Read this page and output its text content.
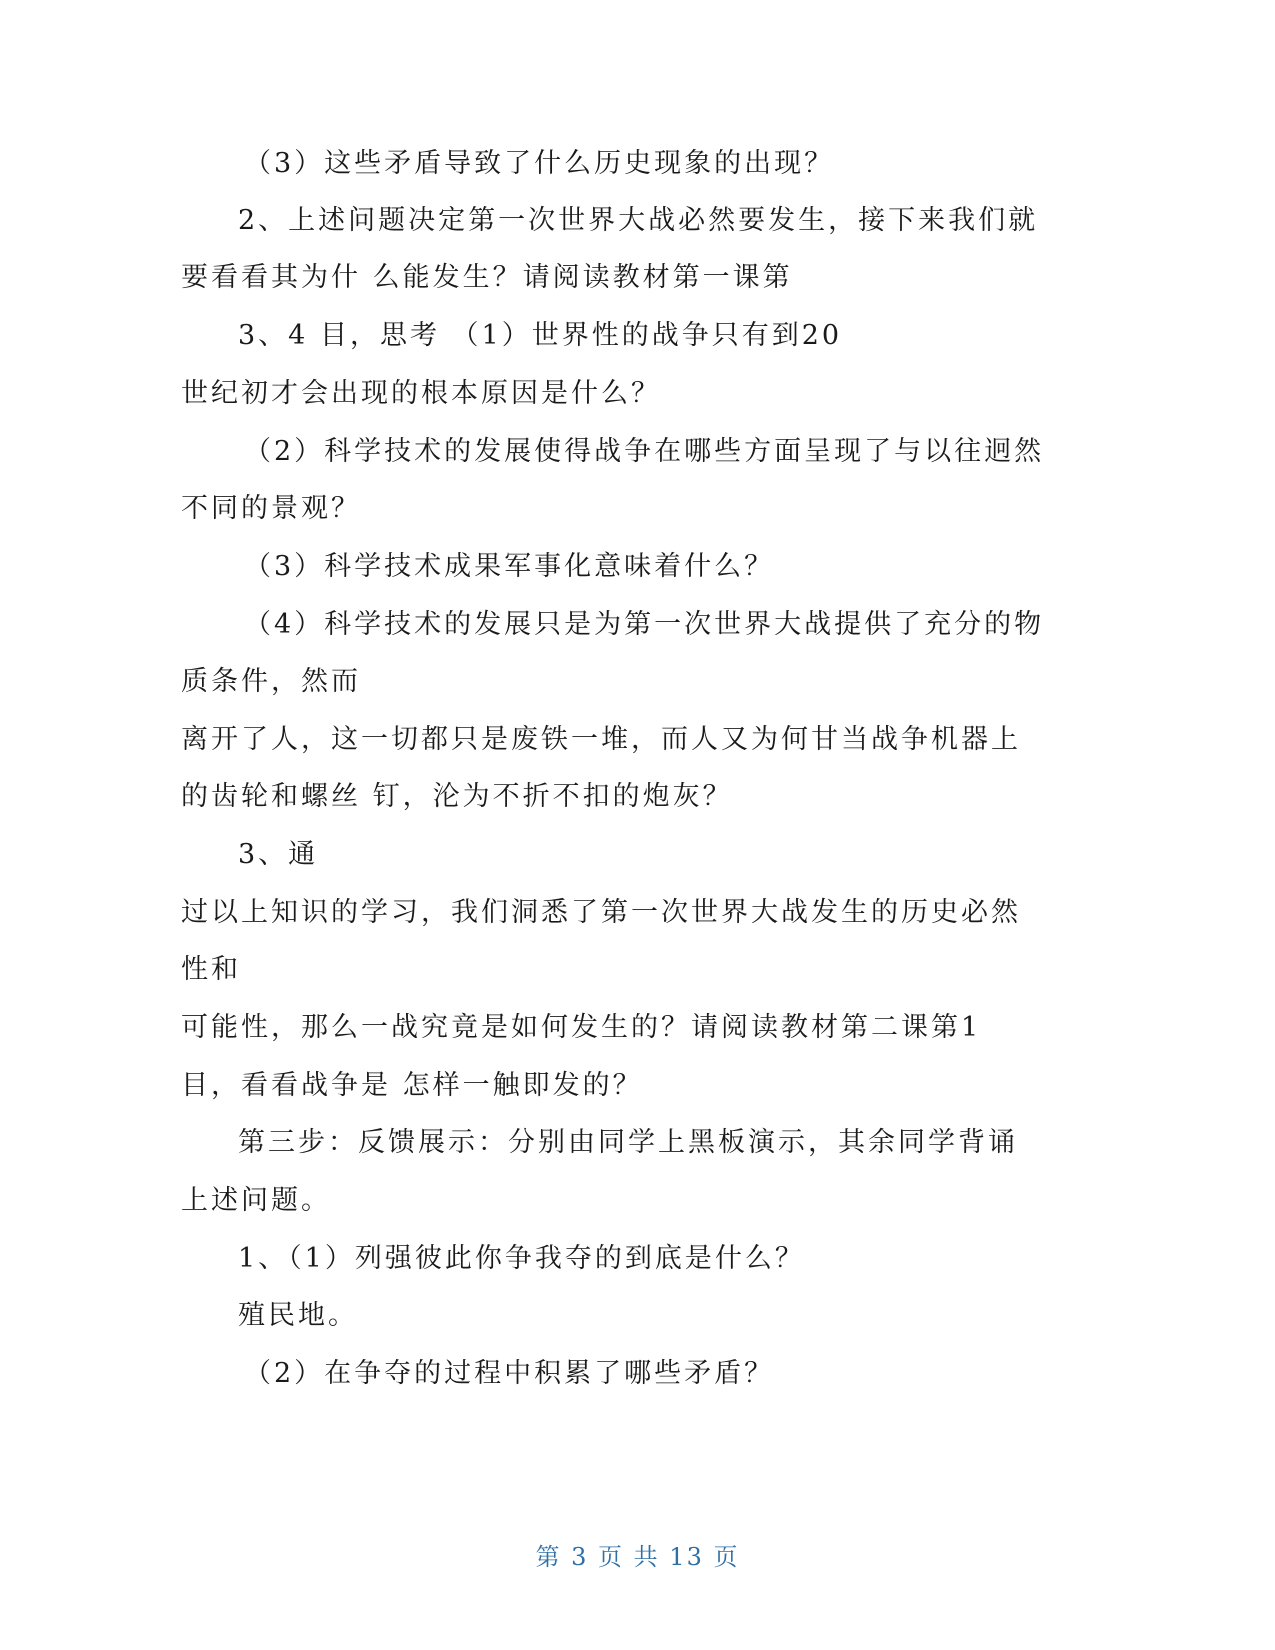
（3）这些矛盾导致了什么历史现象的出现？
2、上述问题决定第一次世界大战必然要发生，接下来我们就
要看看其为什 么能发生？请阅读教材第一课第
3、4 目，思考 （1）世界性的战争只有到20
世纪初才会出现的根本原因是什么？
（2）科学技术的发展使得战争在哪些方面呈现了与以往迥然
不同的景观？
（3）科学技术成果军事化意味着什么？
（4）科学技术的发展只是为第一次世界大战提供了充分的物
质条件，然而
离开了人，这一切都只是废铁一堆，而人又为何甘当战争机器上
的齿轮和螺丝 钉，沦为不折不扣的炮灰？
3、通
过以上知识的学习，我们洞悉了第一次世界大战发生的历史必然
性和
可能性，那么一战究竟是如何发生的？请阅读教材第二课第1
目，看看战争是 怎样一触即发的？
第三步：反馈展示：分别由同学上黑板演示，其余同学背诵
上述问题。
1、（1）列强彼此你争我夺的到底是什么？
殖民地。
（2）在争夺的过程中积累了哪些矛盾？
第 3 页 共 13 页
